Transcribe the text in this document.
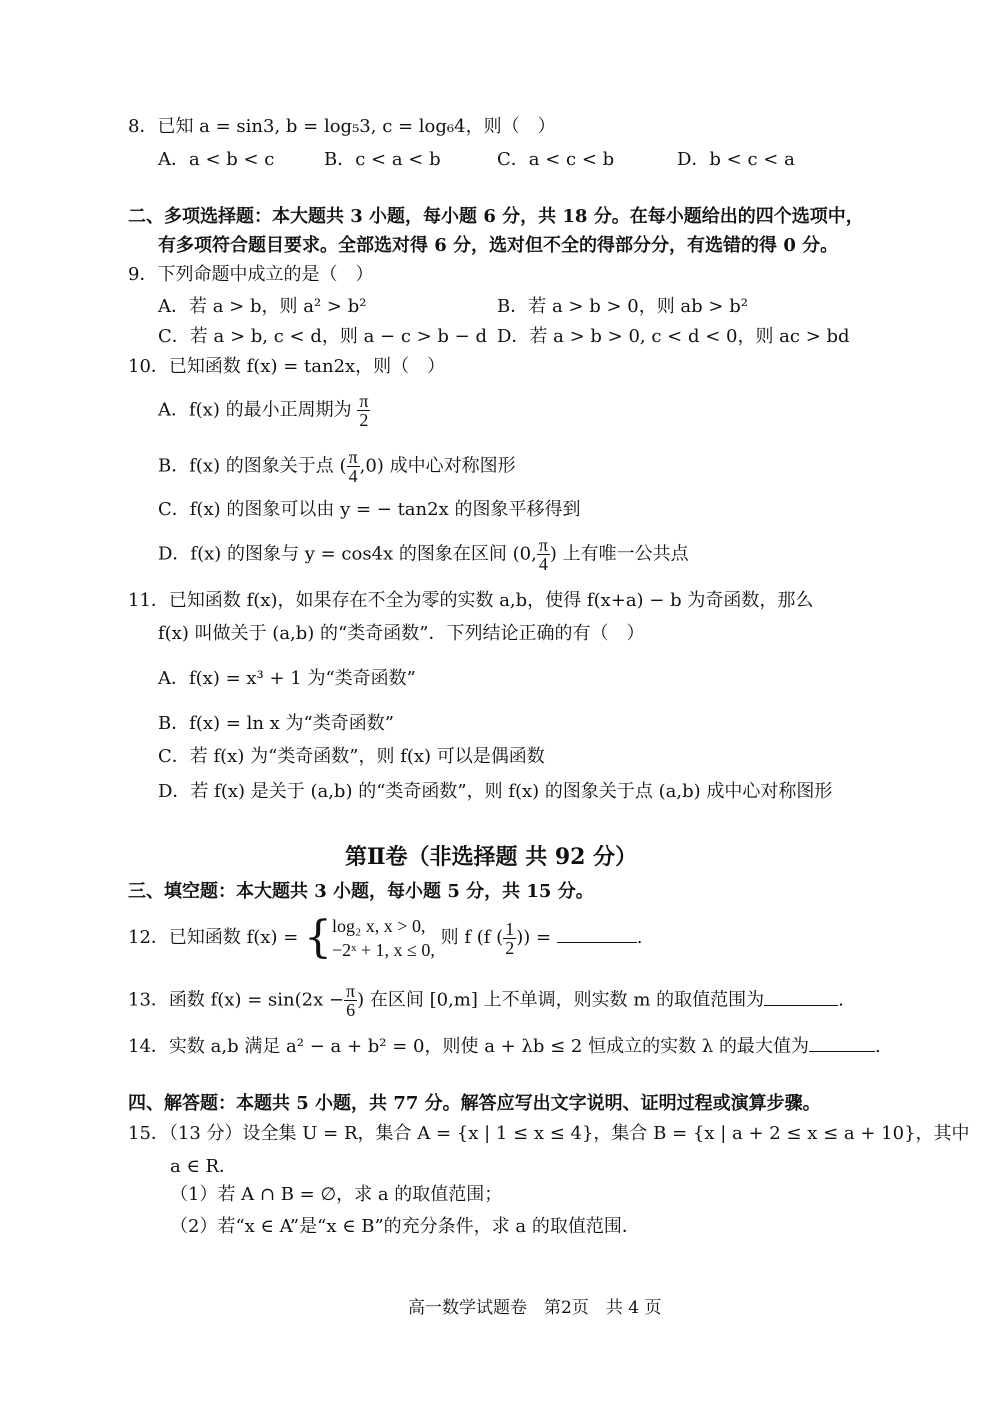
8．已知 a = sin3, b = log₅3, c = log₆4，则（　）
A．a < b < c	B．c < a < b	C．a < c < b	D．b < c < a
二、多项选择题：本大题共 3 小题，每小题 6 分，共 18 分。在每小题给出的四个选项中，
有多项符合题目要求。全部选对得 6 分，选对但不全的得部分分，有选错的得 0 分。
9．下列命题中成立的是（　）
A．若 a > b，则 a² > b²	B．若 a > b > 0，则 ab > b²
C．若 a > b, c < d，则 a − c > b − d D．若 a > b > 0, c < d < 0，则 ac > bd
10．已知函数 f(x) = tan2x，则（　）
A．f(x) 的最小正周期为 $\frac{\pi}{2}$
B．f(x) 的图象关于点 ( $\frac{\pi}{4} ,0$) 成中心对称图形
C．f(x) 的图象可以由 y = − tan2x 的图象平移得到
D．f(x) 的图象与 y = cos4x 的图象在区间 (0, $\frac{\pi}{4}$ ) 上有唯一公共点
11．已知函数 f(x)，如果存在不全为零的实数 a,b，使得 f(x+a) − b 为奇函数，那么
f(x) 叫做关于 (a,b) 的“类奇函数”．下列结论正确的有（　）
A．f(x) = x³ + 1 为“类奇函数”
B．f(x) = ln x 为“类奇函数”
C．若 f(x) 为“类奇函数”，则 f(x) 可以是偶函数
D．若 f(x) 是关于 (a,b) 的“类奇函数”，则 f(x) 的图象关于点 (a,b) 成中心对称图形
第Ⅱ卷（非选择题 共 92 分）
三、填空题：本大题共 3 小题，每小题 5 分，共 15 分。
12．已知函数 f(x) = { log₂ x, x > 0,
−2ˣ + 1, x ≤ 0,
则 f (f ( $\frac{1}{2}$ )) =	.
13．函数 $f(x) = \sin(2x - \frac{\pi}{6}$ ) 在区间 [0,m] 上不单调，则实数 m 的取值范围为	.
14．实数 a,b 满足 a² − a + b² = 0，则使 a + λb ≤ 2 恒成立的实数 λ 的最大值为	.
四、解答题：本题共 5 小题，共 77 分。解答应写出文字说明、证明过程或演算步骤。
15．（13 分）设全集 U = R，集合 A = {x | 1 ≤ x ≤ 4}，集合 B = {x | a + 2 ≤ x ≤ a + 10}，其中
a ∈ R．
（1）若 A ∩ B = ∅，求 a 的取值范围；
（2）若“x ∈ A”是“x ∈ B”的充分条件，求 a 的取值范围．
高一数学试题卷　第2页　共 4 页
